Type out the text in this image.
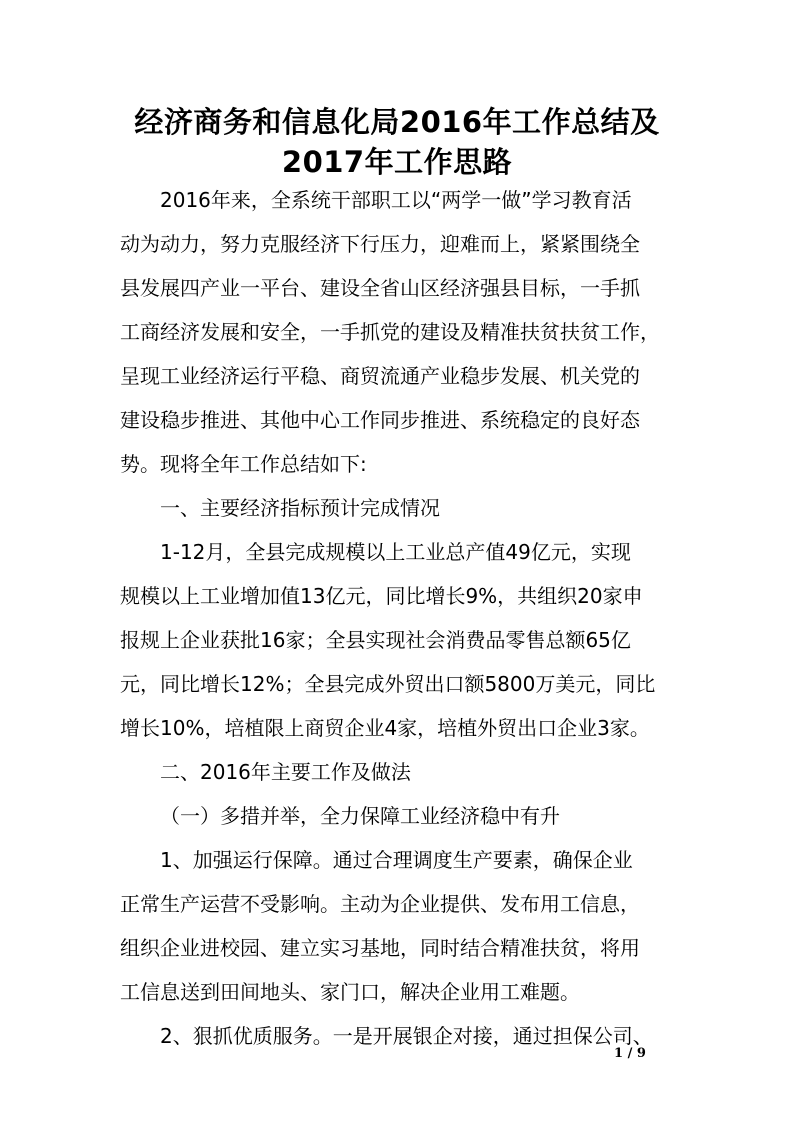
经济商务和信息化局2016年工作总结及
2017年工作思路
2016年来，全系统干部职工以“两学一做”学习教育活
动为动力，努力克服经济下行压力，迎难而上，紧紧围绕全
县发展四产业一平台、建设全省山区经济强县目标，一手抓
工商经济发展和安全，一手抓党的建设及精准扶贫扶贫工作，
呈现工业经济运行平稳、商贸流通产业稳步发展、机关党的
建设稳步推进、其他中心工作同步推进、系统稳定的良好态
势。现将全年工作总结如下:
一、主要经济指标预计完成情况
1-12月，全县完成规模以上工业总产值49亿元，实现
规模以上工业增加值13亿元，同比增长9%，共组织20家申
报规上企业获批16家；全县实现社会消费品零售总额65亿
元，同比增长12%；全县完成外贸出口额5800万美元，同比
增长10%，培植限上商贸企业4家，培植外贸出口企业3家。
二、2016年主要工作及做法
（一）多措并举，全力保障工业经济稳中有升
1、加强运行保障。通过合理调度生产要素，确保企业
正常生产运营不受影响。主动为企业提供、发布用工信息，
组织企业进校园、建立实习基地，同时结合精准扶贫，将用
工信息送到田间地头、家门口，解决企业用工难题。
2、狠抓优质服务。一是开展银企对接，通过担保公司、
1 / 9
